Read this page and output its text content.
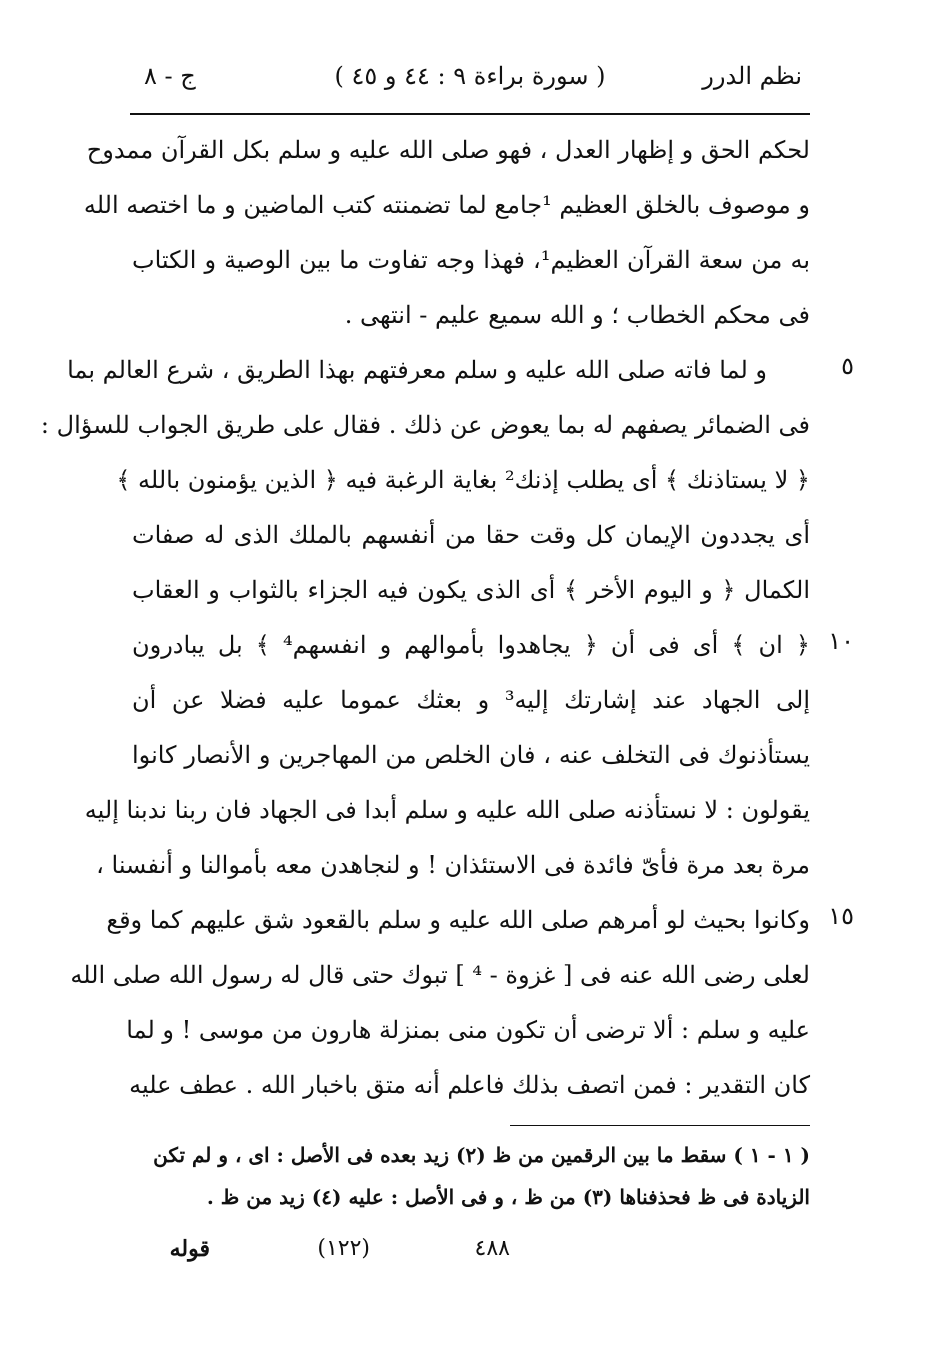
نظم الدرر
( سورة براءة ٩ : ٤٤ و ٤٥ )
ج - ٨
لحكم الحق و إظهار العدل ، فهو صلى الله عليه و سلم بكل القرآن ممدوح
و موصوف بالخلق العظيم ¹جامع لما تضمنته كتب الماضين و ما اختصه الله
به من سعة القرآن العظيم¹، فهذا وجه تفاوت ما بين الوصية و الكتاب
فى محكم الخطاب ؛ و الله سميع عليم - انتهى .
و لما فاته صلى الله عليه و سلم معرفتهم بهذا الطريق ، شرع العالم بما	٥
فى الضمائر يصفهم له بما يعوض عن ذلك . فقال على طريق الجواب للسؤال :
﴿ لا يستاذنك ﴾ أى يطلب إذنك² بغاية الرغبة فيه ﴿ الذين يؤمنون بالله ﴾
أى يجددون الإيمان كل وقت حقا من أنفسهم بالملك الذى له صفات
الكمال ﴿ و اليوم الأخر ﴾ أى الذى يكون فيه الجزاء بالثواب و العقاب
١٠
﴿ ان ﴾ أى فى أن ﴿ يجاهدوا بأموالهم و انفسهم⁴ ﴾ بل يبادرون
إلى الجهاد عند إشارتك إليه³ و بعثك عموما عليه فضلا عن أن
يستأذنوك فى التخلف عنه ، فان الخلص من المهاجرين و الأنصار كانوا
يقولون : لا نستأذنه صلى الله عليه و سلم أبدا فى الجهاد فان ربنا ندبنا إليه
مرة بعد مرة فأىّ فائدة فى الاستئذان ! و لنجاهدن معه بأموالنا و أنفسنا ،
١٥
وكانوا بحيث لو أمرهم صلى الله عليه و سلم بالقعود شق عليهم كما وقع
لعلى رضى الله عنه فى [ غزوة - ⁴ ] تبوك حتى قال له رسول الله صلى الله
عليه و سلم : ألا ترضى أن تكون منى بمنزلة هارون من موسى ! و لما
كان التقدير : فمن اتصف بذلك فاعلم أنه متق باخبار الله . عطف عليه
( ١ - ١ ) سقط ما بين الرقمين من ظ (٢) زيد بعده فى الأصل : اى ، و لم تكن
الزيادة فى ظ فحذفناها (٣) من ظ ، و فى الأصل : عليه (٤) زيد من ظ .
٤٨٨
(١٢٢)
قوله
